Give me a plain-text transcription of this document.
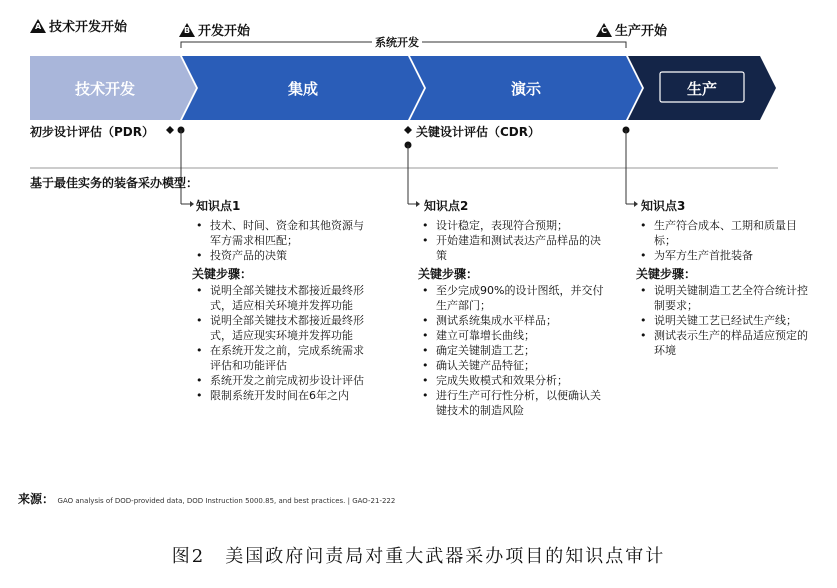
A 技术开发开始	B 开发开始	C 生产开始
系统开发
技术开发	集成	演示	生产
初步设计评估（PDR）	关键设计评估（CDR）
基于最佳实务的装备采办模型：
知识点1
• 技术、时间、资金和其他资源与军方需求相匹配；
• 投资产品的决策
关键步骤：
• 说明全部关键技术都接近最终形式，适应相关环境并发挥功能
• 说明全部关键技术都接近最终形式，适应现实环境并发挥功能
• 在系统开发之前，完成系统需求评估和功能评估
• 系统开发之前完成初步设计评估
• 限制系统开发时间在6年之内
知识点2
• 设计稳定，表现符合预期；
• 开始建造和测试表达产品样品的决策
关键步骤：
• 至少完成90%的设计图纸，并交付生产部门；
• 测试系统集成水平样品；
• 建立可靠增长曲线；
• 确定关键制造工艺；
• 确认关键产品特征；
• 完成失败模式和效果分析；
• 进行生产可行性分析，以便确认关键技术的制造风险
知识点3
• 生产符合成本、工期和质量目标；
• 为军方生产首批装备
关键步骤：
• 说明关键制造工艺全符合统计控制要求；
• 说明关键工艺已经试生产线；
• 测试表示生产的样品适应预定的环境
来源： GAO analysis of DOD-provided data, DOD Instruction 5000.85, and best practices. | GAO-21-222
图2　美国政府问责局对重大武器采办项目的知识点审计
